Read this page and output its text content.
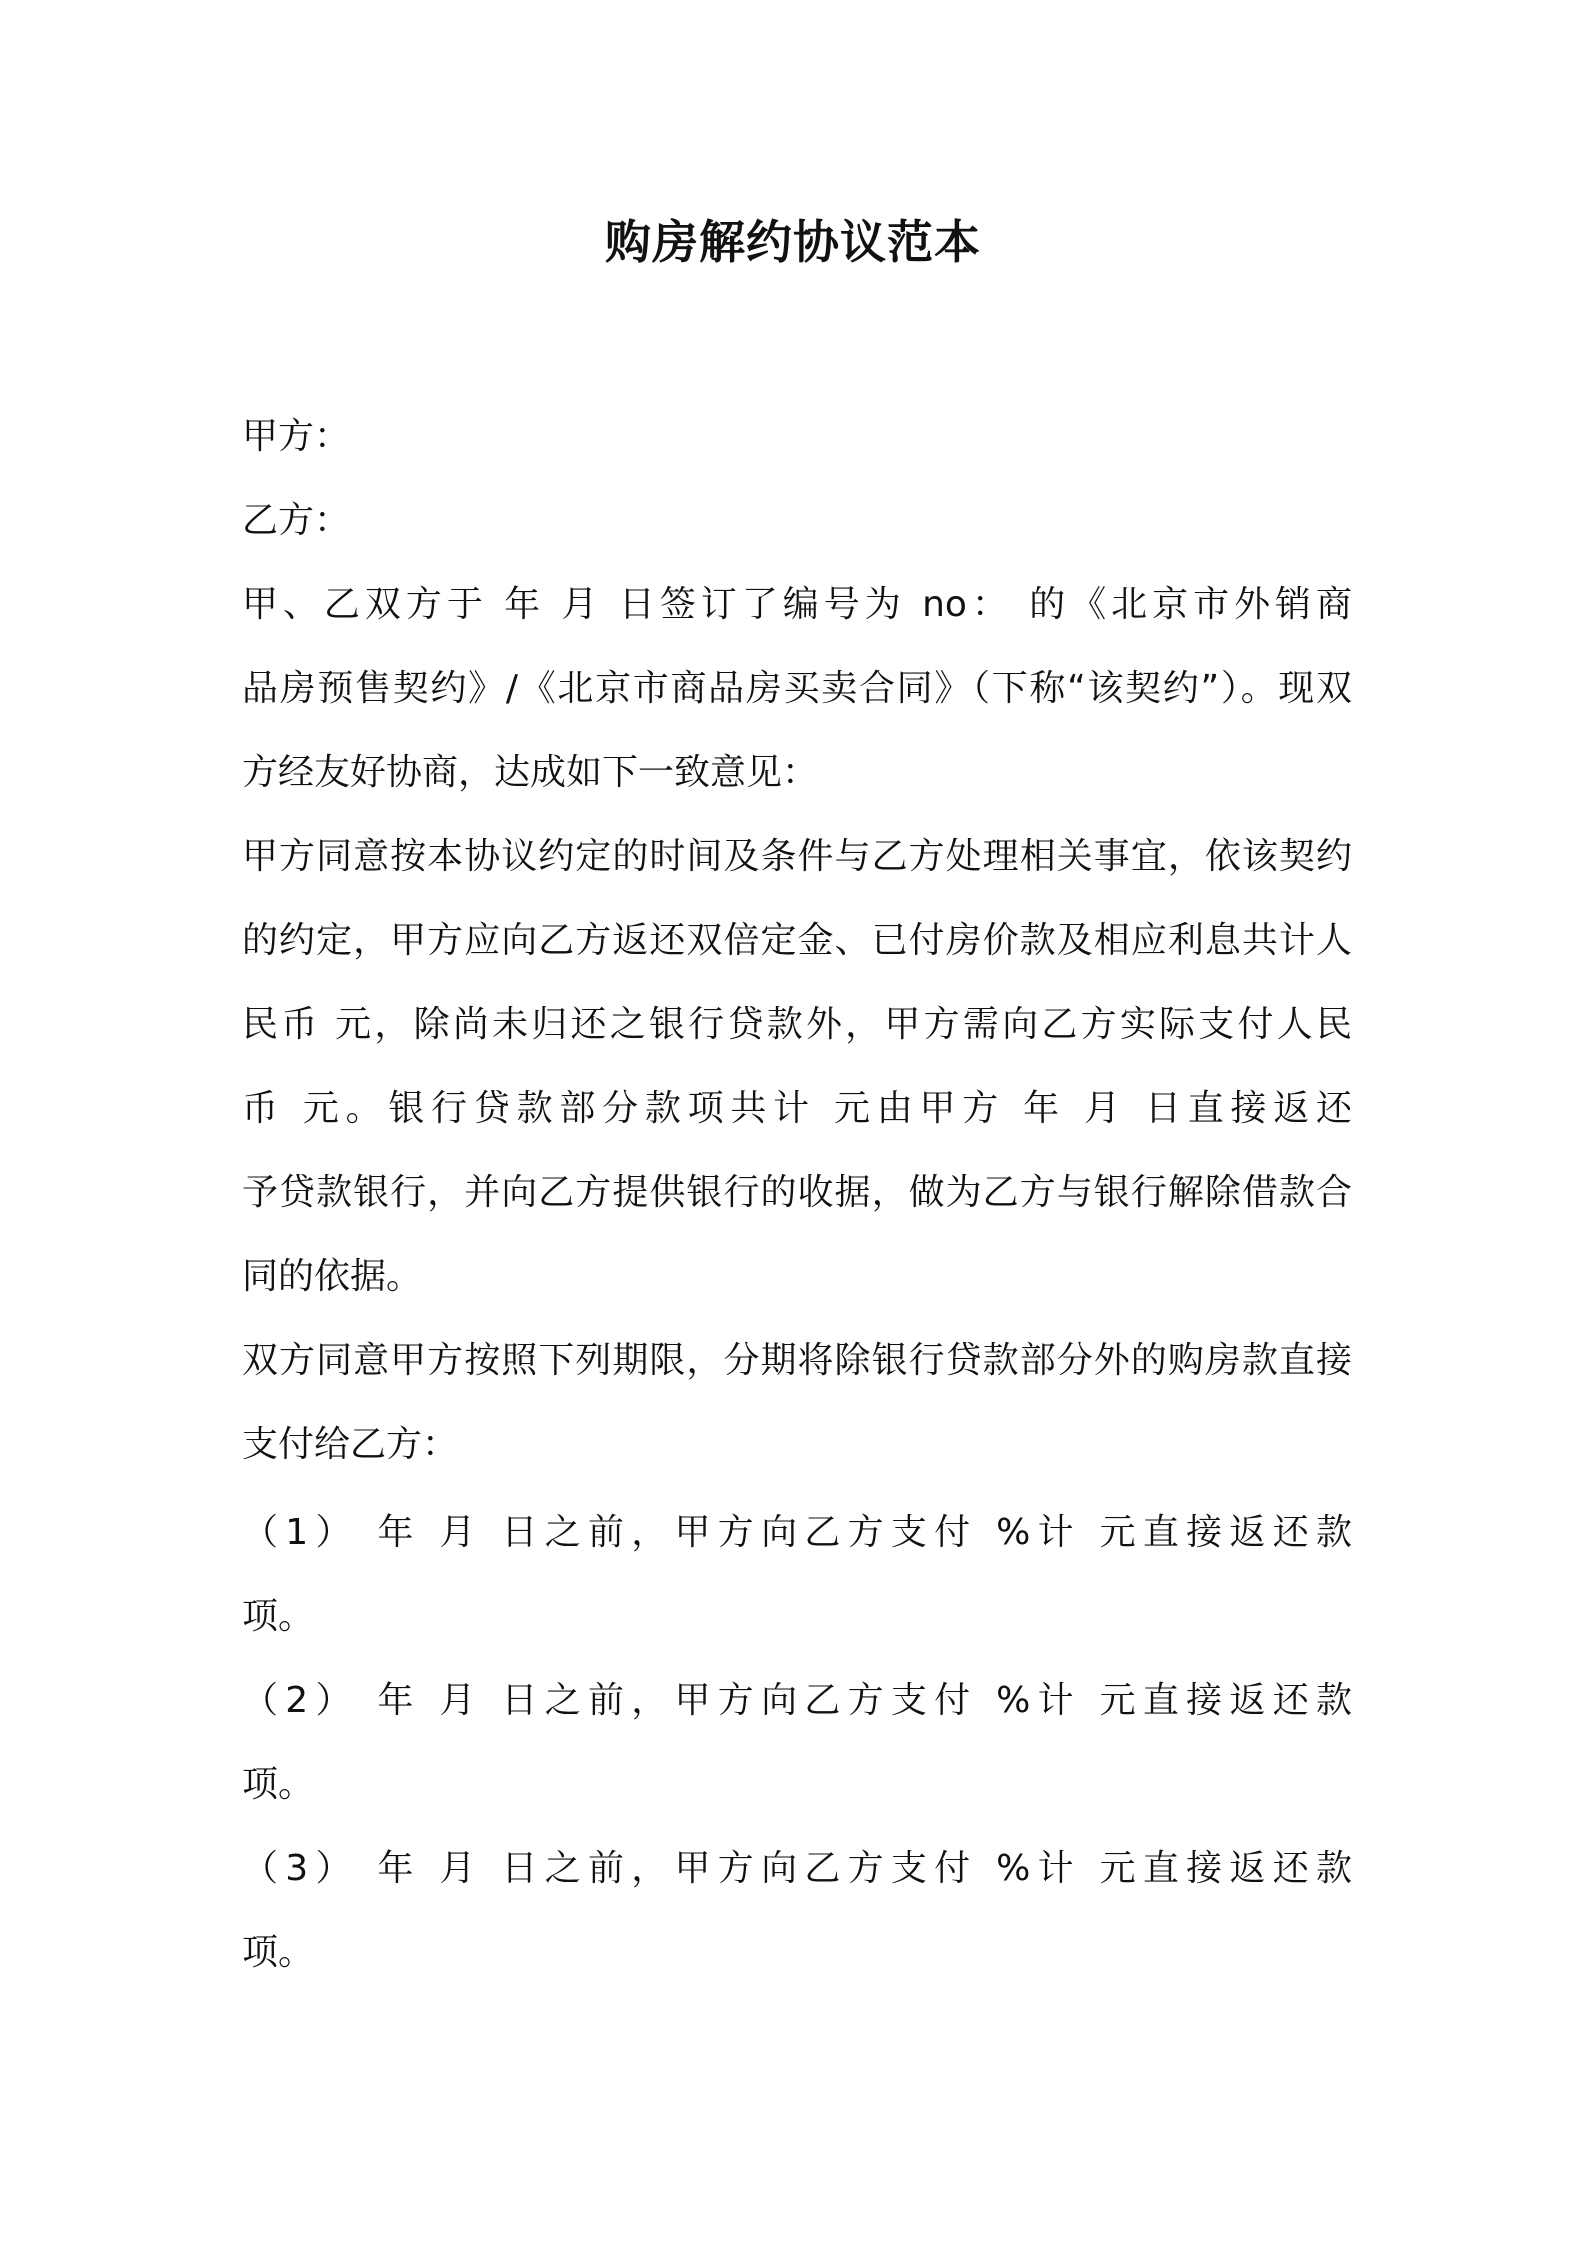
购房解约协议范本
甲方：
乙方：
甲、乙双方于 年 月 日签订了编号为 no： 的《北京市外销商
品房预售契约》/《北京市商品房买卖合同》（下称“该契约”）。现双
方经友好协商，达成如下一致意见：
甲方同意按本协议约定的时间及条件与乙方处理相关事宜，依该契约
的约定，甲方应向乙方返还双倍定金、已付房价款及相应利息共计人
民币 元，除尚未归还之银行贷款外，甲方需向乙方实际支付人民
币 元。银行贷款部分款项共计 元由甲方 年 月 日直接返还
予贷款银行，并向乙方提供银行的收据，做为乙方与银行解除借款合
同的依据。
双方同意甲方按照下列期限，分期将除银行贷款部分外的购房款直接
支付给乙方：
（1） 年 月 日之前，甲方向乙方支付 %计 元直接返还款
项。
（2） 年 月 日之前，甲方向乙方支付 %计 元直接返还款
项。
（3） 年 月 日之前，甲方向乙方支付 %计 元直接返还款
项。
